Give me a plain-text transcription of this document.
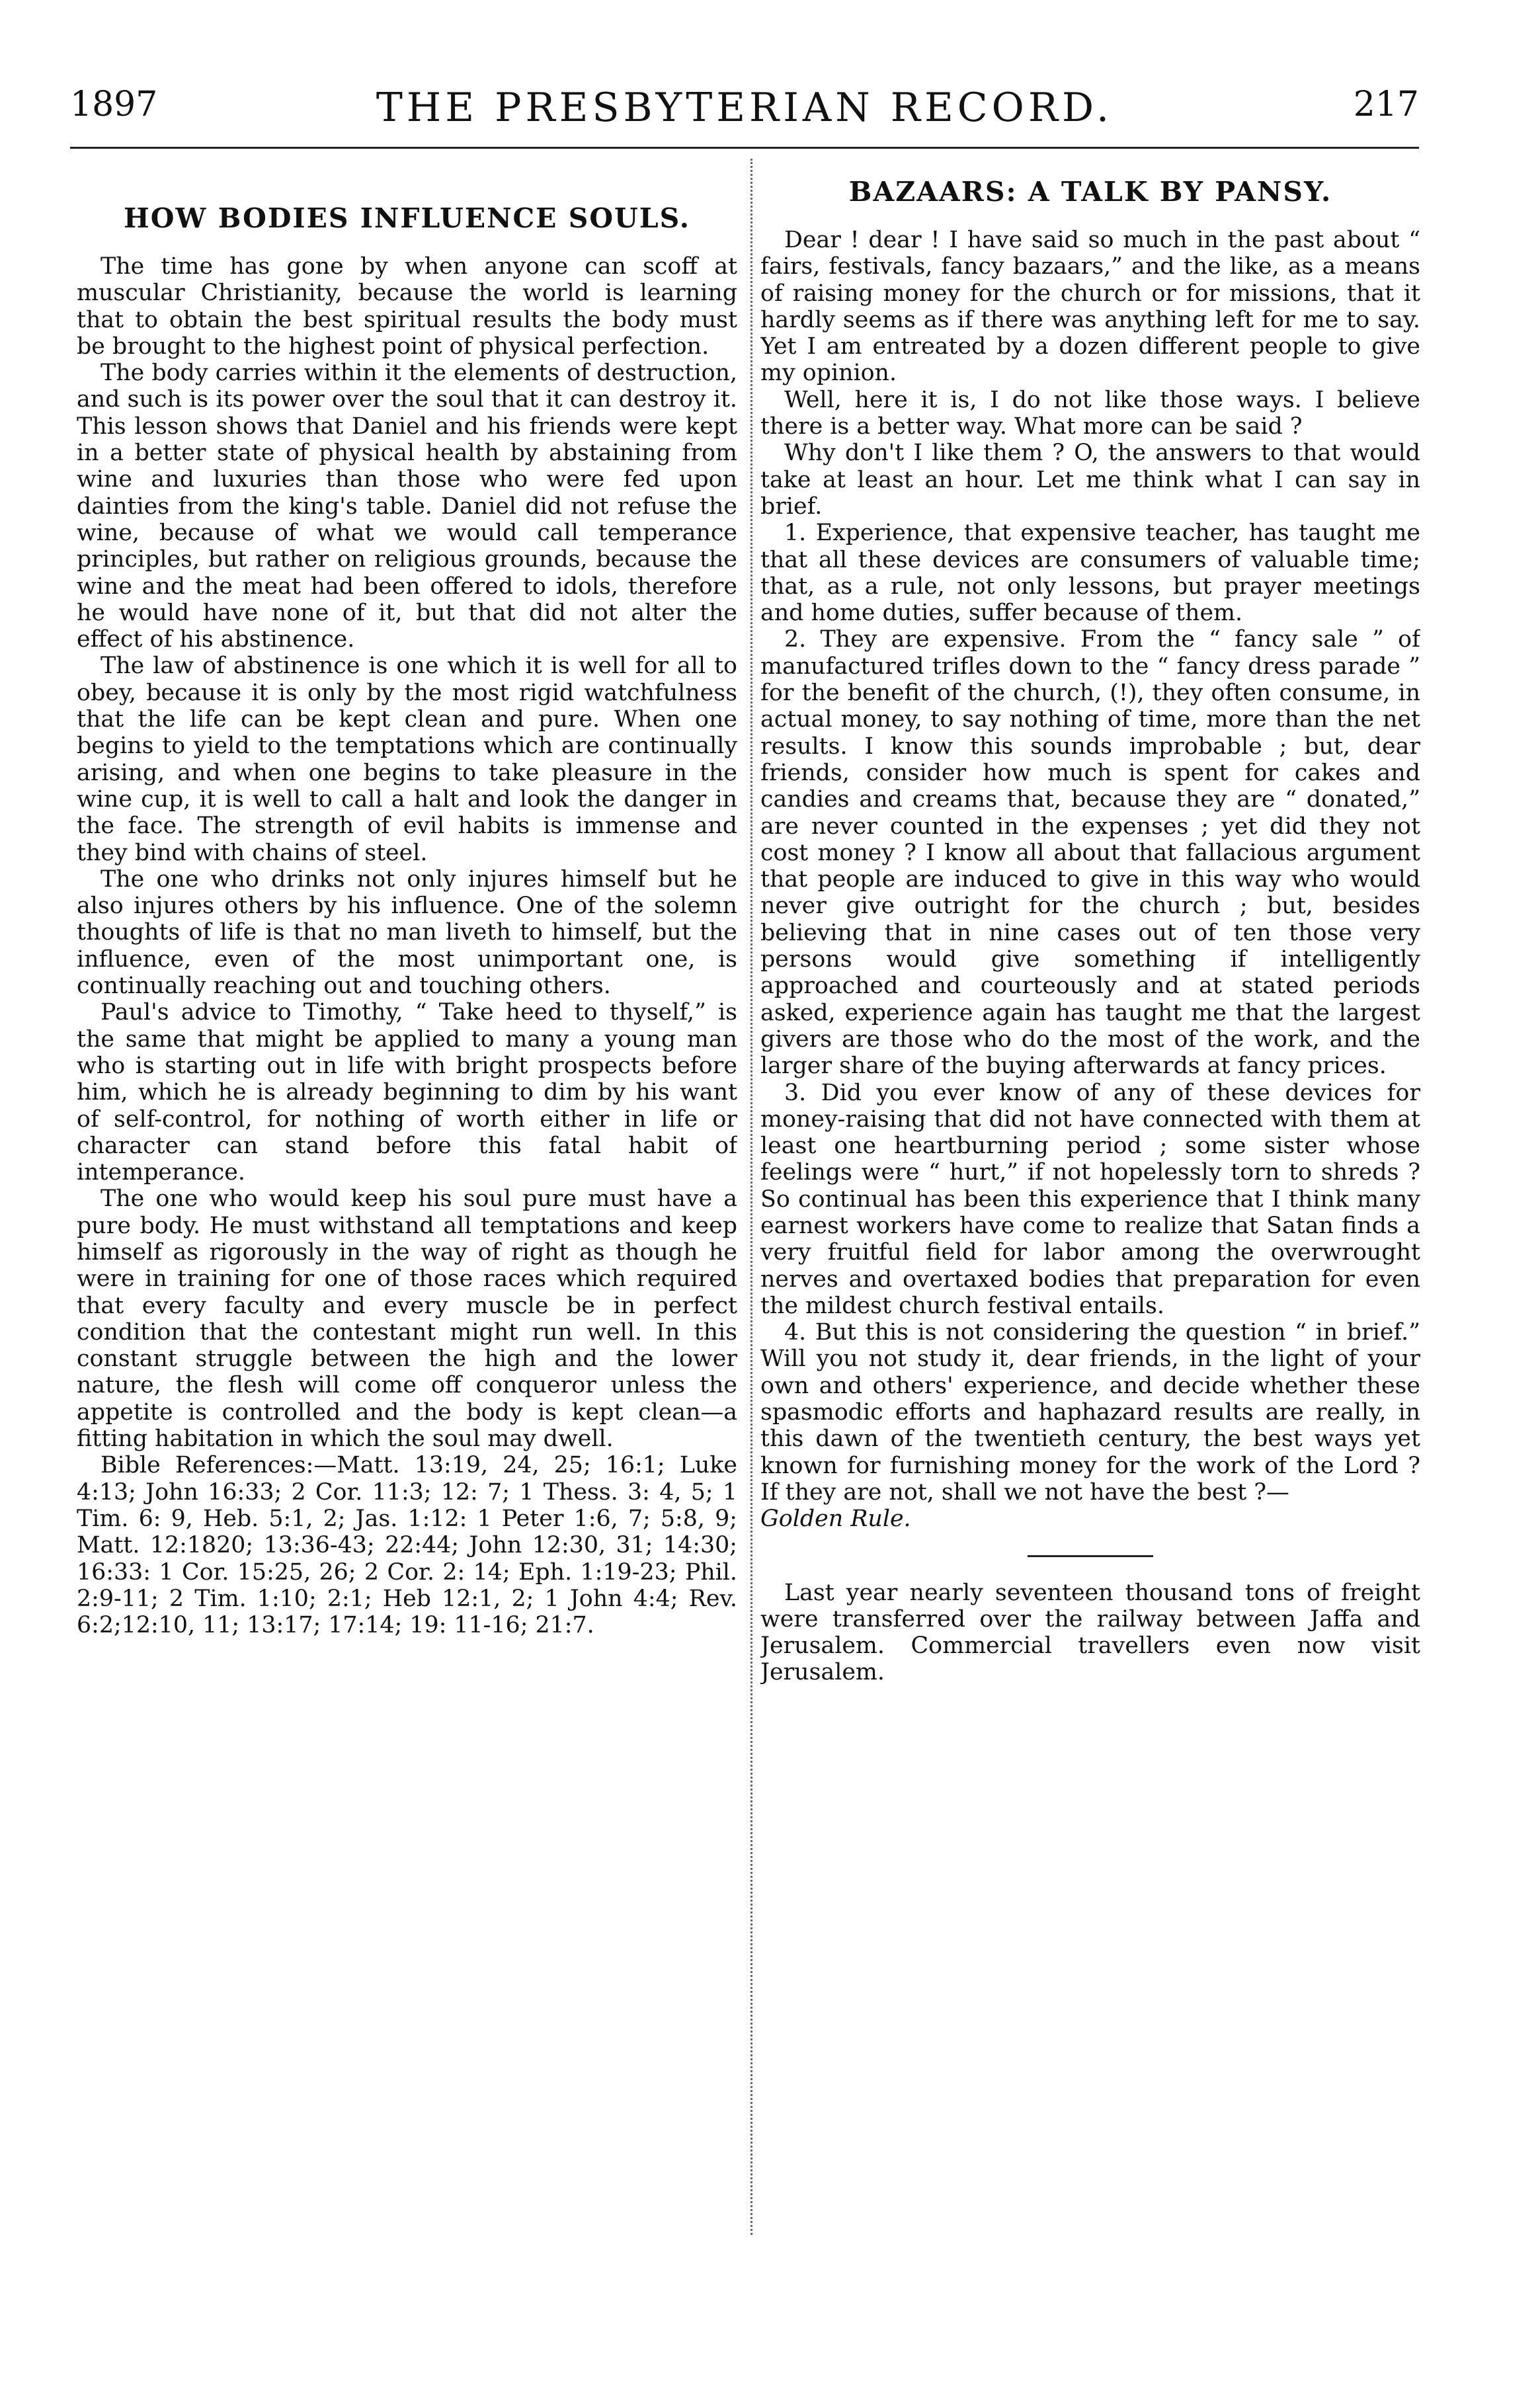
1897	THE PRESBYTERIAN RECORD.	217
HOW BODIES INFLUENCE SOULS.

The time has gone by when anyone can scoff at muscular Christianity, because the world is learning that to obtain the best spiritual results the body must be brought to the highest point of physical perfection.

The body carries within it the elements of destruction, and such is its power over the soul that it can destroy it. This lesson shows that Daniel and his friends were kept in a better state of physical health by abstaining from wine and luxuries than those who were fed upon dainties from the king's table. Daniel did not refuse the wine, because of what we would call temperance principles, but rather on religious grounds, because the wine and the meat had been offered to idols, therefore he would have none of it, but that did not alter the effect of his abstinence.

The law of abstinence is one which it is well for all to obey, because it is only by the most rigid watchfulness that the life can be kept clean and pure. When one begins to yield to the temptations which are continually arising, and when one begins to take pleasure in the wine cup, it is well to call a halt and look the danger in the face. The strength of evil habits is immense and they bind with chains of steel.

The one who drinks not only injures himself but he also injures others by his influence. One of the solemn thoughts of life is that no man liveth to himself, but the influence, even of the most unimportant one, is continually reaching out and touching others.

Paul's advice to Timothy, “ Take heed to thyself,” is the same that might be applied to many a young man who is starting out in life with bright prospects before him, which he is already beginning to dim by his want of self-control, for nothing of worth either in life or character can stand before this fatal habit of intemperance.

The one who would keep his soul pure must have a pure body. He must withstand all temptations and keep himself as rigorously in the way of right as though he were in training for one of those races which required that every faculty and every muscle be in perfect condition that the contestant might run well. In this constant struggle between the high and the lower nature, the flesh will come off conqueror unless the appetite is controlled and the body is kept clean—a fitting habitation in which the soul may dwell.

Bible References:—Matt. 13:19, 24, 25; 16:1; Luke 4:13; John 16:33; 2 Cor. 11:3; 12: 7; 1 Thess. 3: 4, 5; 1 Tim. 6: 9, Heb. 5:1, 2; Jas. 1:12: 1 Peter 1:6, 7; 5:8, 9; Matt. 12:1820; 13:36-43; 22:44; John 12:30, 31; 14:30; 16:33: 1 Cor. 15:25, 26; 2 Cor. 2: 14; Eph. 1:19-23; Phil. 2:9-11; 2 Tim. 1:10; 2:1; Heb 12:1, 2; 1 John 4:4; Rev. 6:2;12:10, 11; 13:17; 17:14; 19: 11-16; 21:7.

BAZAARS: A TALK BY PANSY.

Dear ! dear ! I have said so much in the past about “ fairs, festivals, fancy bazaars,” and the like, as a means of raising money for the church or for missions, that it hardly seems as if there was anything left for me to say. Yet I am entreated by a dozen different people to give my opinion.

Well, here it is, I do not like those ways. I believe there is a better way. What more can be said ?

Why don't I like them ? O, the answers to that would take at least an hour. Let me think what I can say in brief.

1. Experience, that expensive teacher, has taught me that all these devices are consumers of valuable time; that, as a rule, not only lessons, but prayer meetings and home duties, suffer because of them.

2. They are expensive. From the “ fancy sale ” of manufactured trifles down to the “ fancy dress parade ” for the benefit of the church, (!), they often consume, in actual money, to say nothing of time, more than the net results. I know this sounds improbable ; but, dear friends, consider how much is spent for cakes and candies and creams that, because they are “ donated,” are never counted in the expenses ; yet did they not cost money ? I know all about that fallacious argument that people are induced to give in this way who would never give outright for the church ; but, besides believing that in nine cases out of ten those very persons would give something if intelligently approached and courteously and at stated periods asked, experience again has taught me that the largest givers are those who do the most of the work, and the larger share of the buying afterwards at fancy prices.

3. Did you ever know of any of these devices for money-raising that did not have connected with them at least one heartburning period ; some sister whose feelings were “ hurt,” if not hopelessly torn to shreds ? So continual has been this experience that I think many earnest workers have come to realize that Satan finds a very fruitful field for labor among the overwrought nerves and overtaxed bodies that preparation for even the mildest church festival entails.

4. But this is not considering the question “ in brief.” Will you not study it, dear friends, in the light of your own and others' experience, and decide whether these spasmodic efforts and haphazard results are really, in this dawn of the twentieth century, the best ways yet known for furnishing money for the work of the Lord ? If they are not, shall we not have the best ?—

Golden Rule.

Last year nearly seventeen thousand tons of freight were transferred over the railway between Jaffa and Jerusalem. Commercial travellers even now visit Jerusalem.
